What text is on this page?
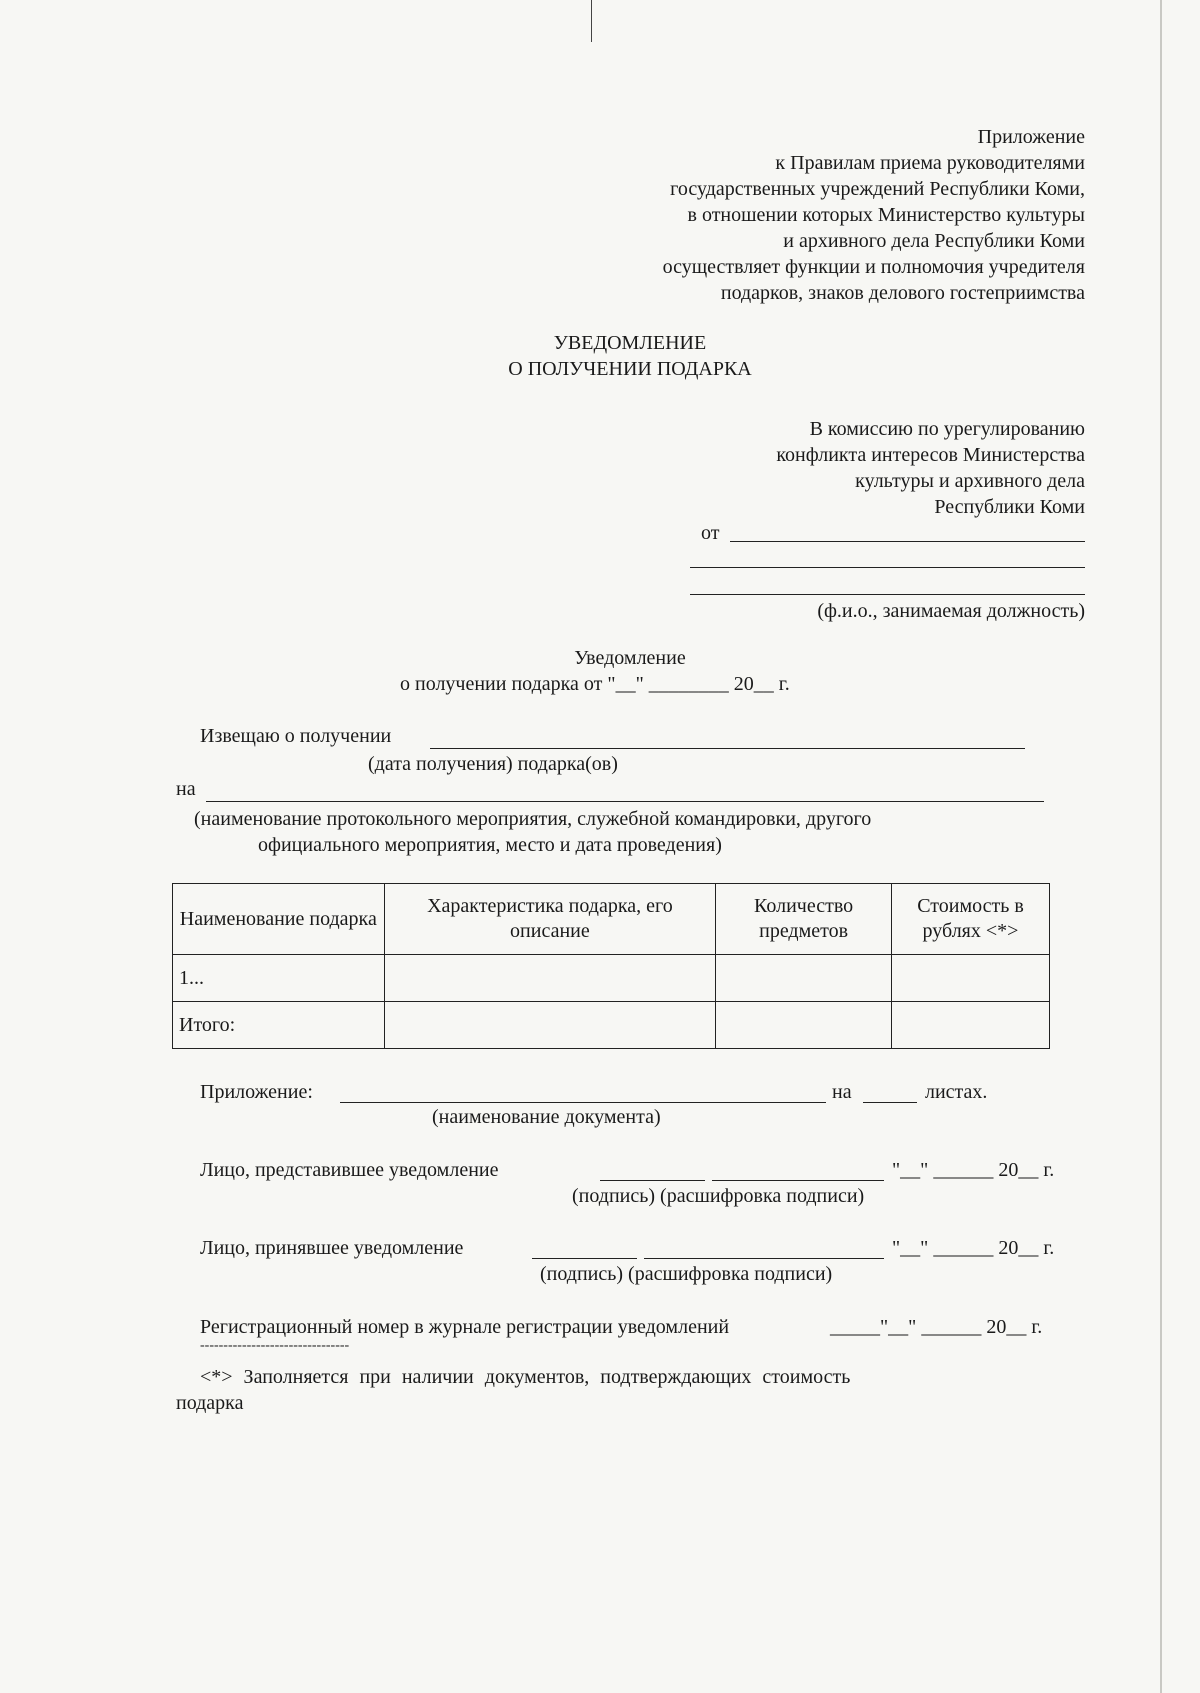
Приложение
к Правилам приема руководителями
государственных учреждений Республики Коми,
в отношении которых Министерство культуры
и архивного дела Республики Коми
осуществляет функции и полномочия учредителя
подарков, знаков делового гостеприимства
УВЕДОМЛЕНИЕ
О ПОЛУЧЕНИИ ПОДАРКА
В комиссию по урегулированию
конфликта интересов Министерства
культуры и архивного дела
Республики Коми
от
(ф.и.о., занимаемая должность)
Уведомление
о получении подарка от "__" ________ 20__ г.
Извещаю о получении
(дата получения) подарка(ов)
на
(наименование протокольного мероприятия, служебной командировки, другого
официального мероприятия, место и дата проведения)
Наименование подарка	Характеристика подарка, его описание	Количество предметов	Стоимость в рублях <*>
1...			
Итого:			
Приложение:	на	листах.
(наименование документа)
Лицо, представившее уведомление	"__" ______ 20__ г.
(подпись) (расшифровка подписи)
Лицо, принявшее уведомление	"__" ______ 20__ г.
(подпись) (расшифровка подписи)
Регистрационный номер в журнале регистрации уведомлений	_____"__" ______ 20__ г.
--------------------------------
<*> Заполняется при наличии документов, подтверждающих стоимость
подарка
